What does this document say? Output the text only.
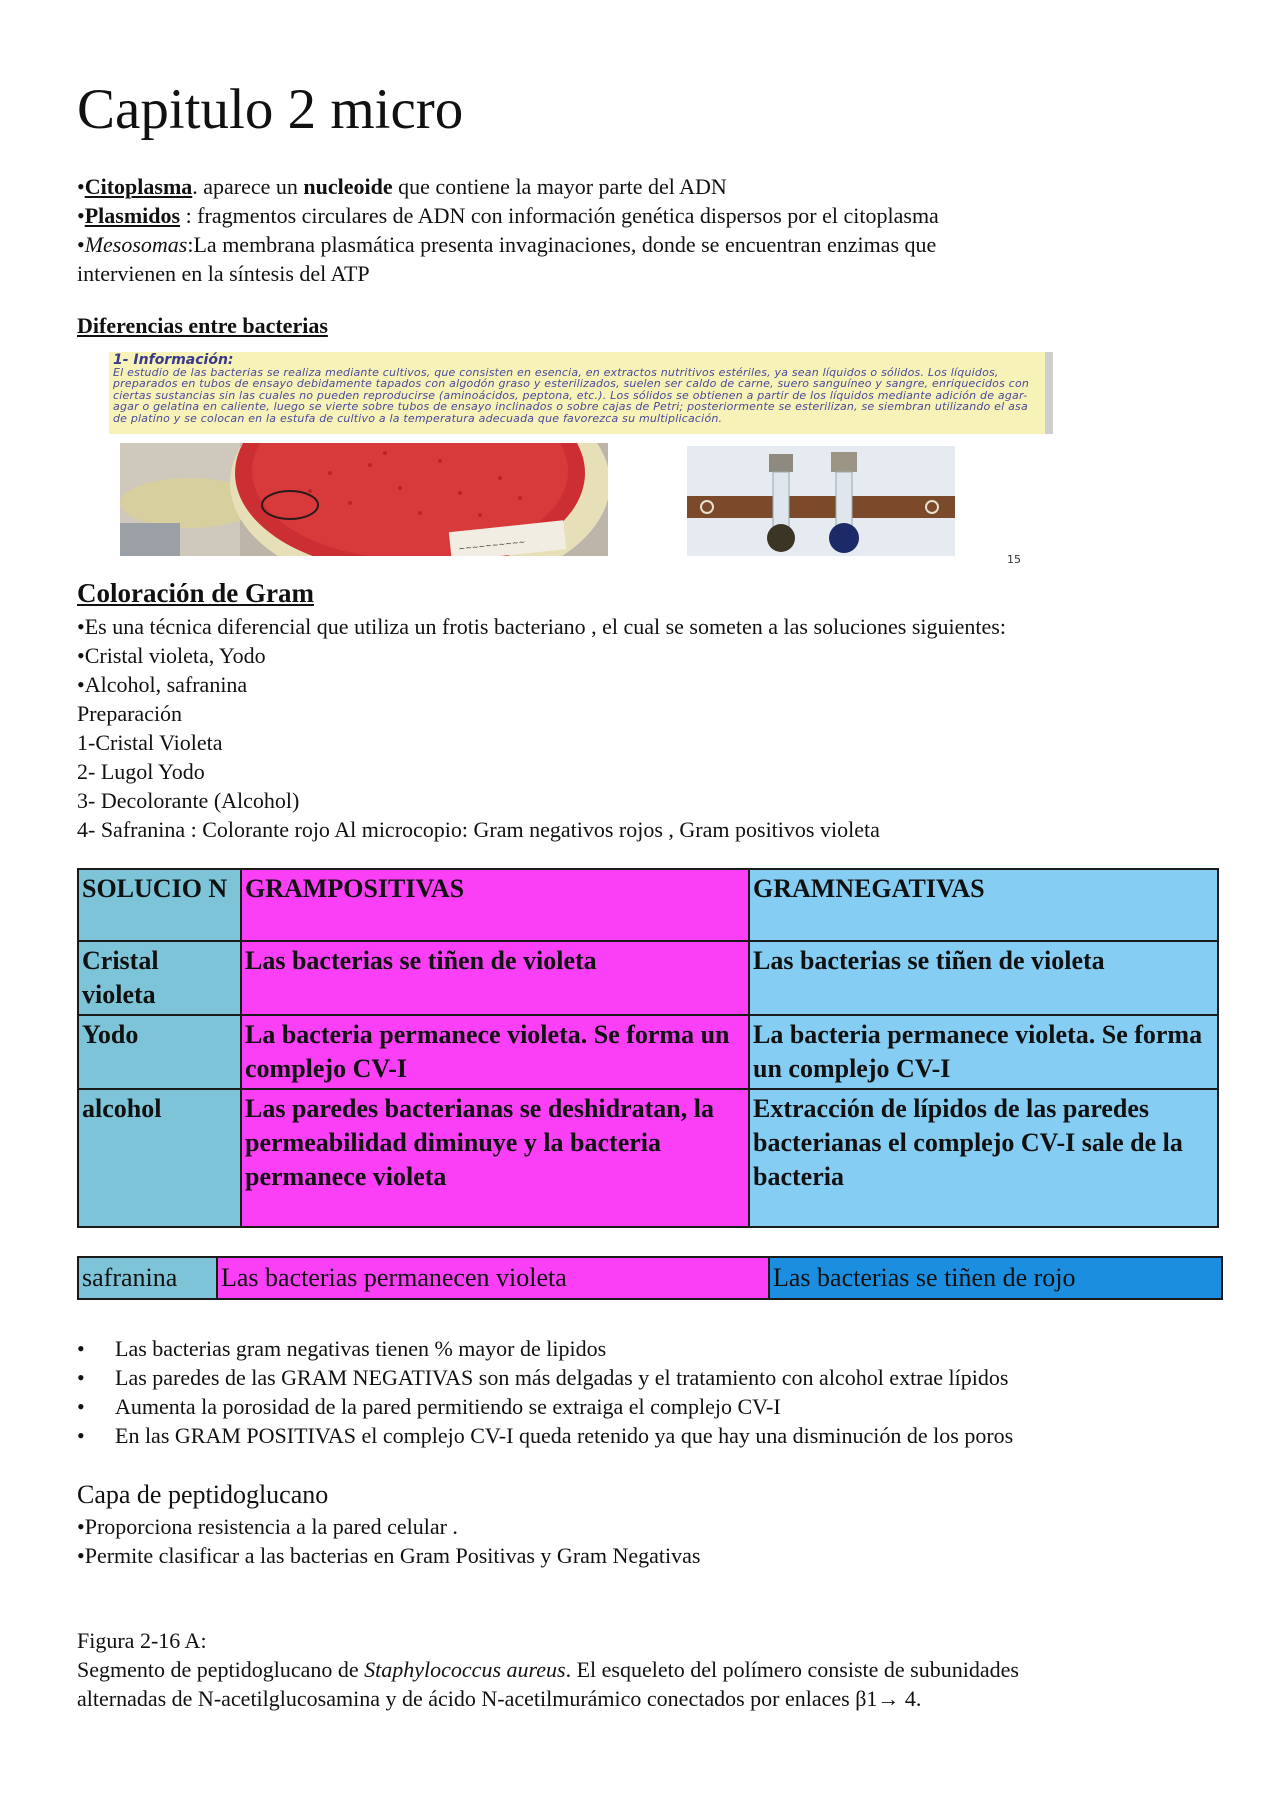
Capitulo 2 micro

•Citoplasma. aparece un nucleoide que contiene la mayor parte del ADN

•Plasmidos : fragmentos circulares de ADN con información genética dispersos por el citoplasma

•Mesosomas:La membrana plasmática presenta invaginaciones, donde se encuentran enzimas que

intervienen en la síntesis del ATP

Diferencias entre bacterias
1- Información:
El estudio de las bacterias se realiza mediante cultivos, que consisten en esencia, en extractos nutritivos estériles, ya sean líquidos o sólidos. Los líquidos, preparados en tubos de ensayo debidamente tapados con algodón graso y esterilizados, suelen ser caldo de carne, suero sanguíneo y sangre, enriquecidos con ciertas sustancias sin las cuales no pueden reproducirse (aminoácidos, peptona, etc.). Los sólidos se obtienen a partir de los líquidos mediante adición de agar-agar o gelatina en caliente, luego se vierte sobre tubos de ensayo inclinados o sobre cajas de Petri; posteriormente se esterilizan, se siembran utilizando el asa de platino y se colocan en la estufa de cultivo a la temperatura adecuada que favorezca su multiplicación.
~~~~~~~~~~
15
Coloración de Gram

•Es una técnica diferencial que utiliza un frotis bacteriano , el cual se someten a las soluciones siguientes:

•Cristal violeta, Yodo

•Alcohol, safranina

Preparación

1-Cristal Violeta

2- Lugol Yodo

3- Decolorante (Alcohol)

4- Safranina : Colorante rojo Al microcopio: Gram negativos rojos , Gram positivos violeta

SOLUCIO N	GRAMPOSITIVAS	GRAMNEGATIVAS
Cristal violeta	Las bacterias se tiñen de violeta	Las bacterias se tiñen de violeta
Yodo	La bacteria permanece violeta. Se forma un complejo CV-I	La bacteria permanece violeta. Se forma un complejo CV-I
alcohol	Las paredes bacterianas se deshidratan, la permeabilidad diminuye y la bacteria permanece violeta	Extracción de lípidos de las paredes bacterianas el complejo CV-I sale de la bacteria
safranina	Las bacterias permanecen violeta	Las bacterias se tiñen de rojo
• Las bacterias gram negativas tienen % mayor de lipidos
• Las paredes de las GRAM NEGATIVAS son más delgadas y el tratamiento con alcohol extrae lípidos
• Aumenta la porosidad de la pared permitiendo se extraiga el complejo CV-I
• En las GRAM POSITIVAS el complejo CV-I queda retenido ya que hay una disminución de los poros
Capa de peptidoglucano

•Proporciona resistencia a la pared celular .

•Permite clasificar a las bacterias en Gram Positivas y Gram Negativas

Figura 2-16 A:

Segmento de peptidoglucano de Staphylococcus aureus. El esqueleto del polímero consiste de subunidades

alternadas de N-acetilglucosamina y de ácido N-acetilmurámico conectados por enlaces β1→ 4.
